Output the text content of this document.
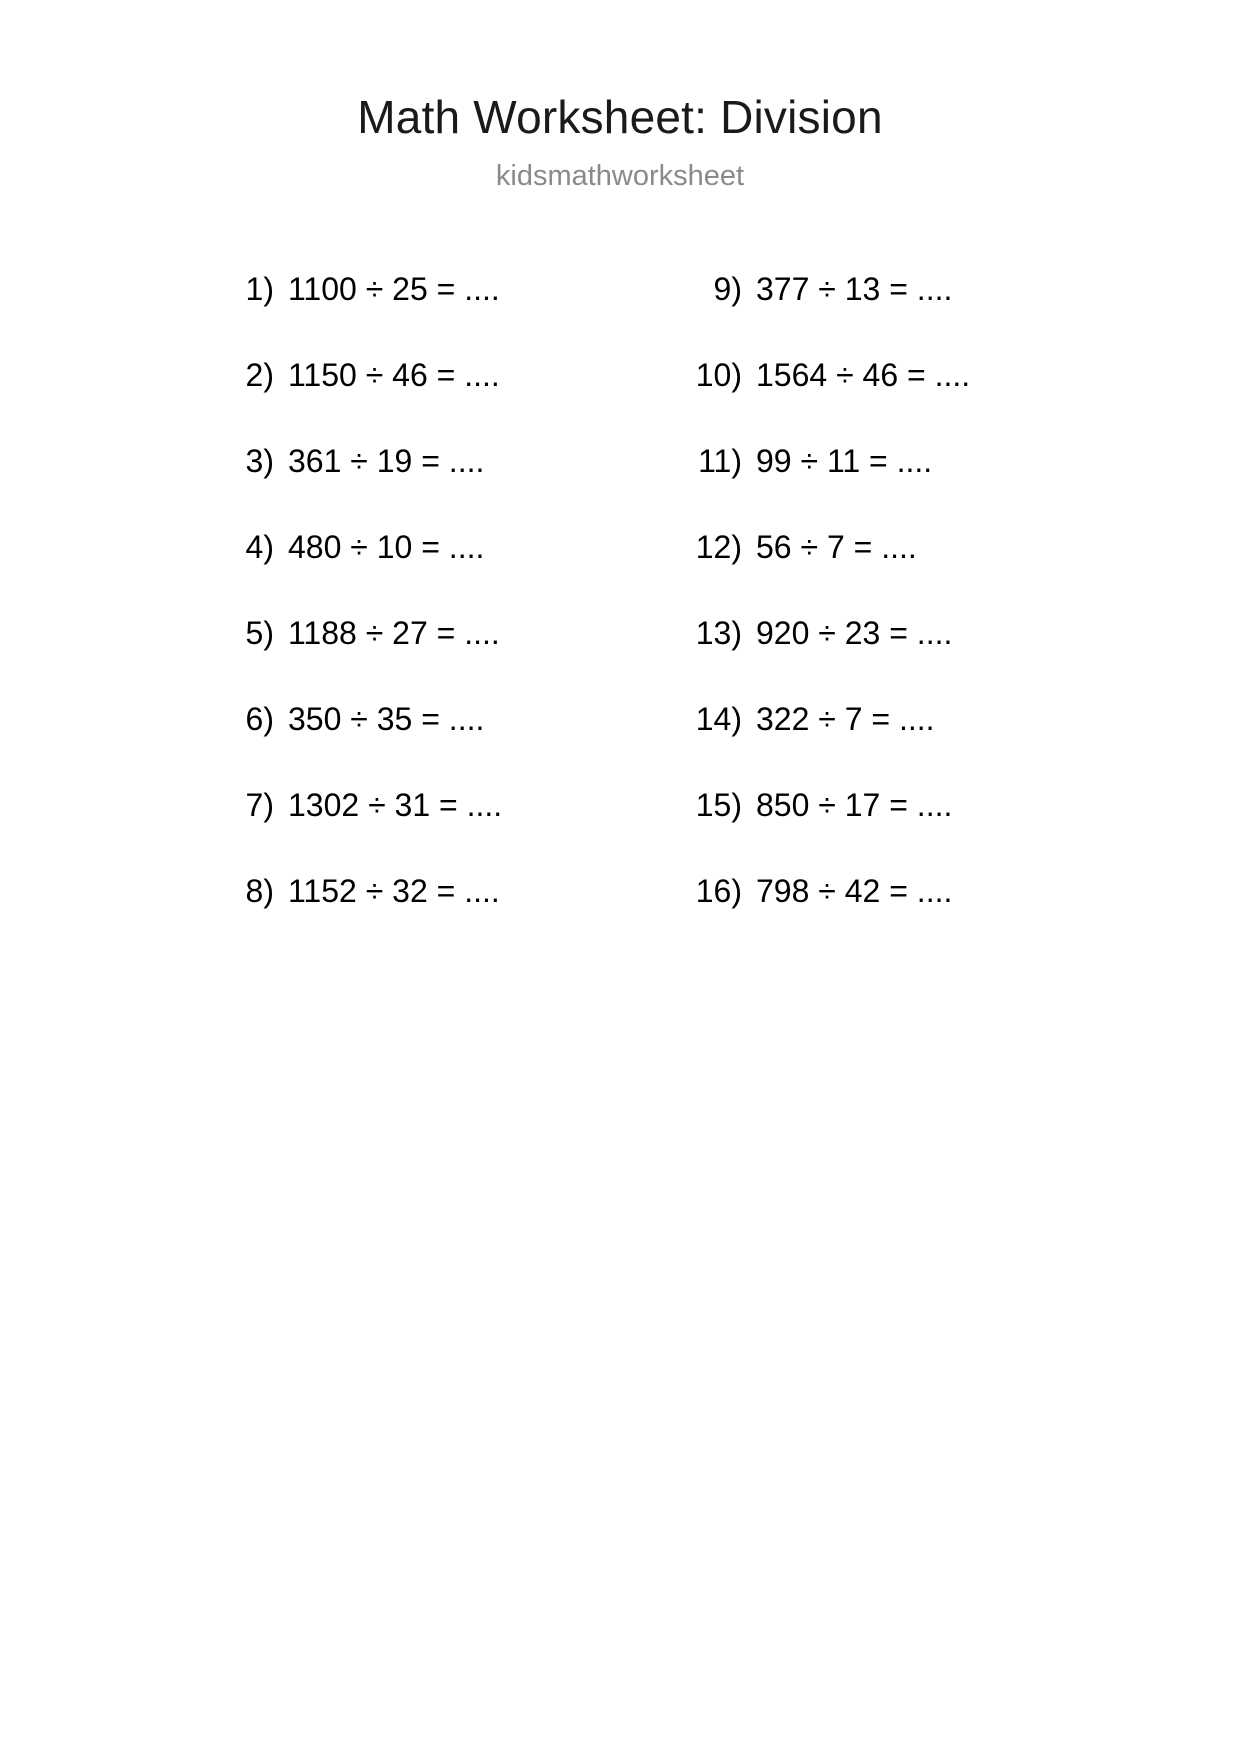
Math Worksheet: Division
kidsmathworksheet
1) 1100 ÷ 25 = ....
2) 1150 ÷ 46 = ....
3) 361 ÷ 19 = ....
4) 480 ÷ 10 = ....
5) 1188 ÷ 27 = ....
6) 350 ÷ 35 = ....
7) 1302 ÷ 31 = ....
8) 1152 ÷ 32 = ....
9) 377 ÷ 13 = ....
10) 1564 ÷ 46 = ....
11) 99 ÷ 11 = ....
12) 56 ÷ 7 = ....
13) 920 ÷ 23 = ....
14) 322 ÷ 7 = ....
15) 850 ÷ 17 = ....
16) 798 ÷ 42 = ....
